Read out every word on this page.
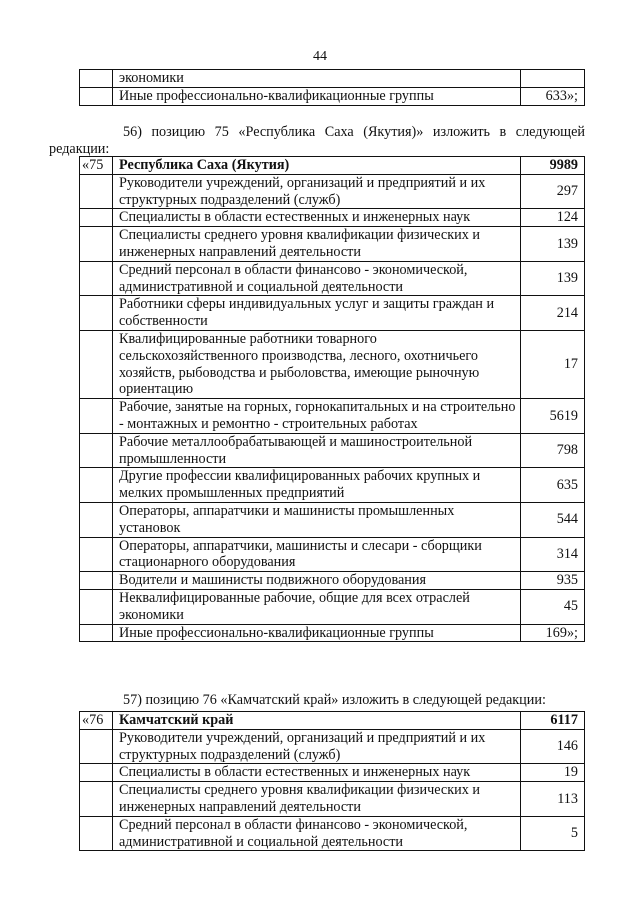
44
	экономики	
	Иные профессионально-квалификационные группы	633»;
56) позицию 75 «Республика Саха (Якутия)» изложить в следующей редакции:
«75	Республика Саха (Якутия)	9989
	Руководители учреждений, организаций и предприятий и их структурных подразделений (служб)	297
	Специалисты в области естественных и инженерных наук	124
	Специалисты среднего уровня квалификации физических и инженерных направлений деятельности	139
	Средний персонал в области финансово - экономической, административной и социальной деятельности	139
	Работники сферы индивидуальных услуг и защиты граждан и собственности	214
	Квалифицированные работники товарного сельскохозяйственного производства, лесного, охотничьего хозяйств, рыбоводства и рыболовства, имеющие рыночную ориентацию	17
	Рабочие, занятые на горных, горнокапитальных и на строительно - монтажных и ремонтно - строительных работах	5619
	Рабочие металлообрабатывающей и машиностроительной промышленности	798
	Другие профессии квалифицированных рабочих крупных и мелких промышленных предприятий	635
	Операторы, аппаратчики и машинисты промышленных установок	544
	Операторы, аппаратчики, машинисты и слесари - сборщики стационарного оборудования	314
	Водители и машинисты подвижного оборудования	935
	Неквалифицированные рабочие, общие для всех отраслей экономики	45
	Иные профессионально-квалификационные группы	169»;
57) позицию 76 «Камчатский край» изложить в следующей редакции:
«76	Камчатский край	6117
	Руководители учреждений, организаций и предприятий и их структурных подразделений (служб)	146
	Специалисты в области естественных и инженерных наук	19
	Специалисты среднего уровня квалификации физических и инженерных направлений деятельности	113
	Средний персонал в области финансово - экономической, административной и социальной деятельности	5
